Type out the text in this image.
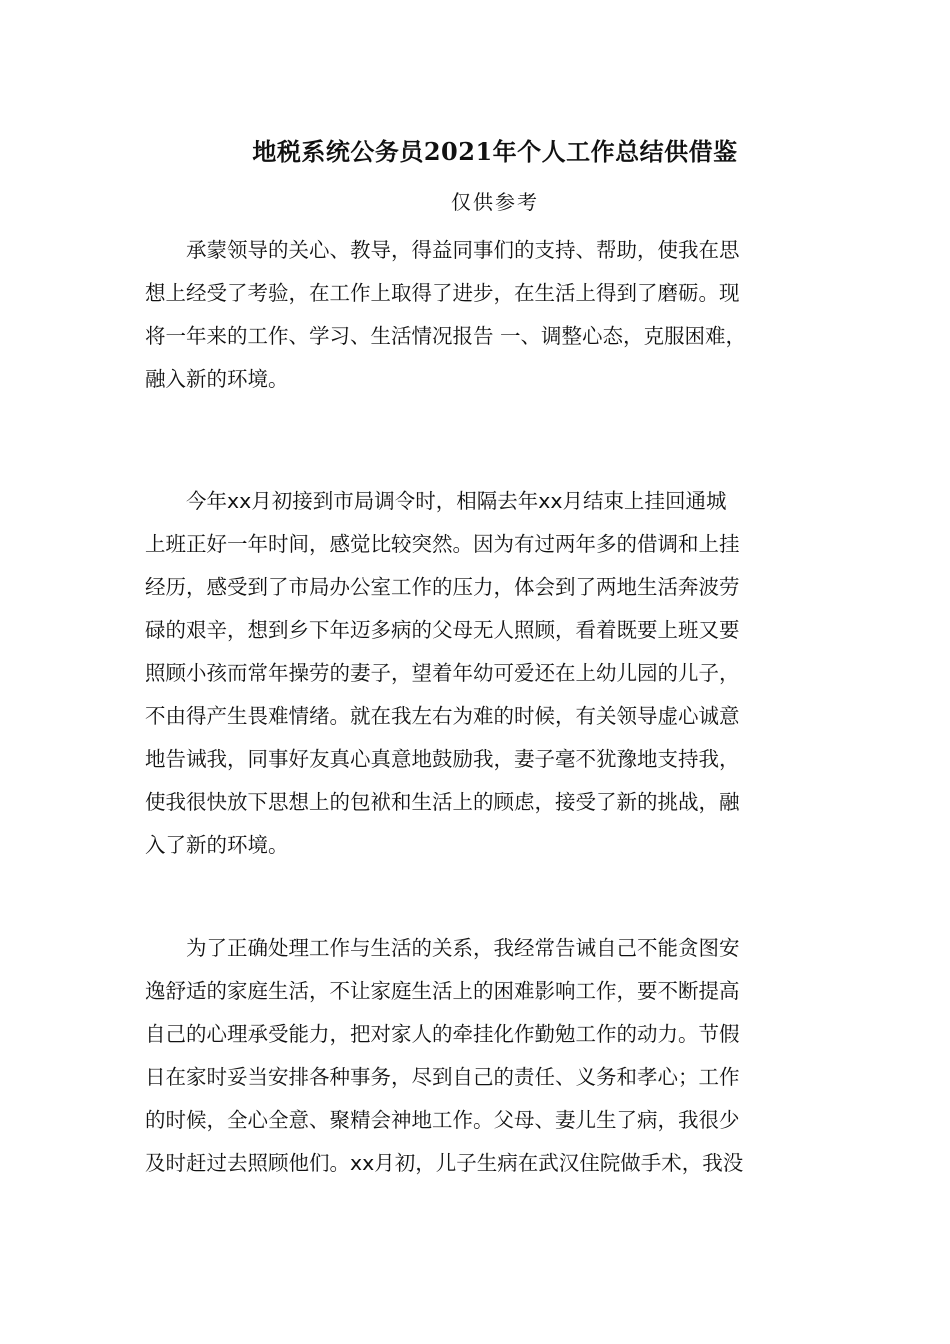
地税系统公务员2021年个人工作总结供借鉴
仅供参考
承蒙领导的关心、教导，得益同事们的支持、帮助，使我在思
想上经受了考验，在工作上取得了进步，在生活上得到了磨砺。现
将一年来的工作、学习、生活情况报告 一、调整心态，克服困难，
融入新的环境。
今年xx月初接到市局调令时，相隔去年xx月结束上挂回通城
上班正好一年时间，感觉比较突然。因为有过两年多的借调和上挂
经历，感受到了市局办公室工作的压力，体会到了两地生活奔波劳
碌的艰辛，想到乡下年迈多病的父母无人照顾，看着既要上班又要
照顾小孩而常年操劳的妻子，望着年幼可爱还在上幼儿园的儿子，
不由得产生畏难情绪。就在我左右为难的时候，有关领导虚心诚意
地告诫我，同事好友真心真意地鼓励我，妻子毫不犹豫地支持我，
使我很快放下思想上的包袱和生活上的顾虑，接受了新的挑战，融
入了新的环境。
为了正确处理工作与生活的关系，我经常告诫自己不能贪图安
逸舒适的家庭生活，不让家庭生活上的困难影响工作，要不断提高
自己的心理承受能力，把对家人的牵挂化作勤勉工作的动力。节假
日在家时妥当安排各种事务，尽到自己的责任、义务和孝心；工作
的时候，全心全意、聚精会神地工作。父母、妻儿生了病，我很少
及时赶过去照顾他们。xx月初，儿子生病在武汉住院做手术，我没
